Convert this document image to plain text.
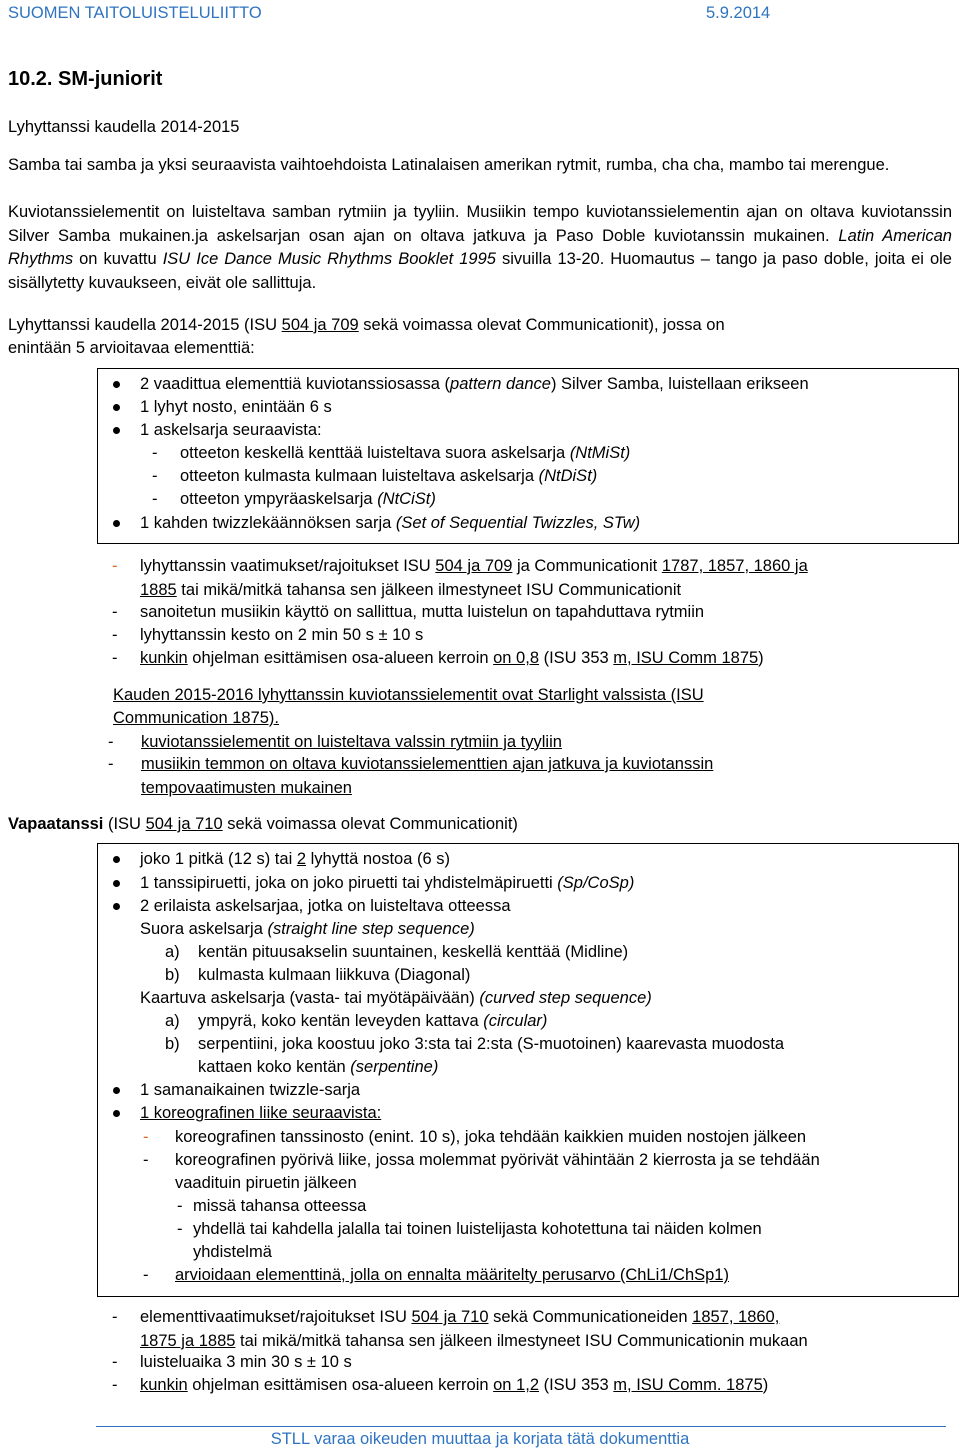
SUOMEN TAITOLUISTELULIITTO	5.9.2014
10.2. SM-juniorit
Lyhyttanssi kaudella 2014-2015
Samba tai samba ja yksi seuraavista vaihtoehdoista Latinalaisen amerikan rytmit, rumba, cha cha, mambo tai merengue.
Kuviotanssielementit on luisteltava samban rytmiin ja tyyliin. Musiikin tempo kuviotanssielementin ajan on oltava kuviotanssin Silver Samba mukainen.ja askelsarjan osan ajan on oltava jatkuva ja Paso Doble kuviotanssin mukainen. Latin American Rhythms on kuvattu ISU Ice Dance Music Rhythms Booklet 1995 sivuilla 13-20. Huomautus – tango ja paso doble, joita ei ole sisällytetty kuvaukseen, eivät ole sallittuja.
Lyhyttanssi kaudella 2014-2015 (ISU 504 ja 709 sekä voimassa olevat Communicationit), jossa on
enintään 5 arvioitavaa elementtiä:
2 vaadittua elementtiä kuviotanssiosassa (pattern dance) Silver Samba, luistellaan erikseen
1 lyhyt nosto, enintään 6 s
1 askelsarja seuraavista:
- otteeton keskellä kenttää luisteltava suora askelsarja (NtMiSt)
- otteeton kulmasta kulmaan luisteltava askelsarja (NtDiSt)
- otteeton ympyräaskelsarja (NtCiSt)
1 kahden twizzlekäännöksen sarja (Set of Sequential Twizzles, STw)
- lyhyttanssin vaatimukset/rajoitukset ISU 504 ja 709 ja Communicationit 1787, 1857, 1860 ja
1885 tai mikä/mitkä tahansa sen jälkeen ilmestyneet ISU Communicationit
- sanoitetun musiikin käyttö on sallittua, mutta luistelun on tapahduttava rytmiin
- lyhyttanssin kesto on 2 min 50 s ± 10 s
- kunkin ohjelman esittämisen osa-alueen kerroin on 0,8 (ISU 353 m, ISU Comm 1875)
Kauden 2015-2016 lyhyttanssin kuviotanssielementit ovat Starlight valssista (ISU
Communication 1875).
- kuviotanssielementit on luisteltava valssin rytmiin ja tyyliin
- musiikin temmon on oltava kuviotanssielementtien ajan jatkuva ja kuviotanssin
tempovaatimusten mukainen
Vapaatanssi (ISU 504 ja 710 sekä voimassa olevat Communicationit)
joko 1 pitkä (12 s) tai 2 lyhyttä nostoa (6 s)
1 tanssipiruetti, joka on joko piruetti tai yhdistelmäpiruetti (Sp/CoSp)
2 erilaista askelsarjaa, jotka on luisteltava otteessa
Suora askelsarja (straight line step sequence)
a) kentän pituusakselin suuntainen, keskellä kenttää (Midline)
b) kulmasta kulmaan liikkuva (Diagonal)
Kaartuva askelsarja (vasta- tai myötäpäivään) (curved step sequence)
a) ympyrä, koko kentän leveyden kattava (circular)
b) serpentiini, joka koostuu joko 3:sta tai 2:sta (S-muotoinen) kaarevasta muodosta
kattaen koko kentän (serpentine)
1 samanaikainen twizzle-sarja
1 koreografinen liike seuraavista:
- koreografinen tanssinosto (enint. 10 s), joka tehdään kaikkien muiden nostojen jälkeen
- koreografinen pyörivä liike, jossa molemmat pyörivät vähintään 2 kierrosta ja se tehdään
vaadituin piruetin jälkeen
- missä tahansa otteessa
- yhdellä tai kahdella jalalla tai toinen luistelijasta kohotettuna tai näiden kolmen
yhdistelmä
- arvioidaan elementtinä, jolla on ennalta määritelty perusarvo (ChLi1/ChSp1)
- elementtivaatimukset/rajoitukset ISU 504 ja 710 sekä Communicationeiden 1857, 1860,
1875 ja 1885 tai mikä/mitkä tahansa sen jälkeen ilmestyneet ISU Communicationin mukaan
- luisteluaika 3 min 30 s ± 10 s
- kunkin ohjelman esittämisen osa-alueen kerroin on 1,2 (ISU 353 m, ISU Comm. 1875)
STLL varaa oikeuden muuttaa ja korjata tätä dokumenttia
